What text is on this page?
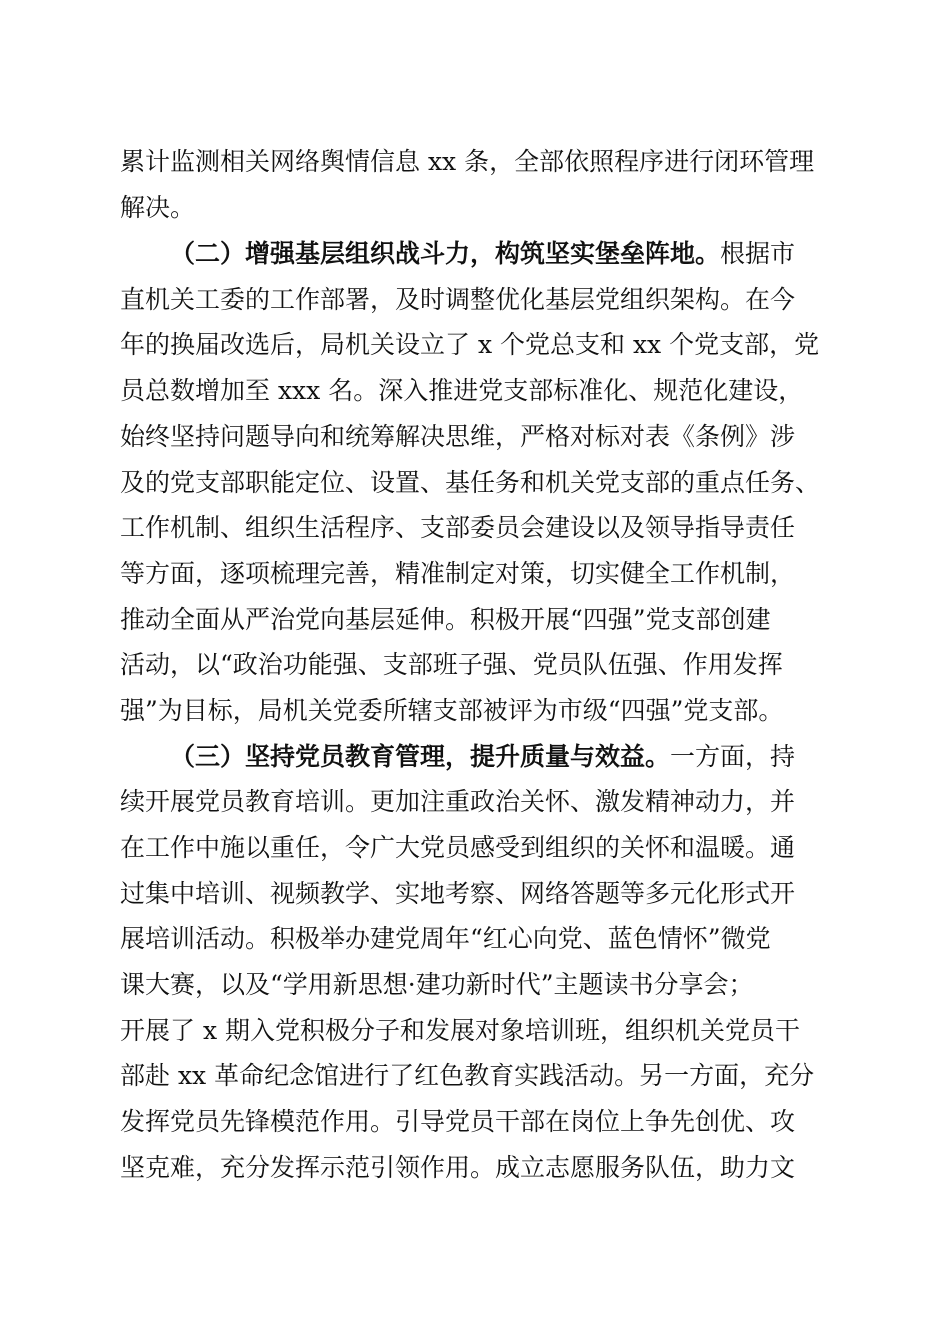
累计监测相关网络舆情信息 xx 条，全部依照程序进行闭环管理
解决。
（二）增强基层组织战斗力，构筑坚实堡垒阵地。根据市
直机关工委的工作部署，及时调整优化基层党组织架构。在今
年的换届改选后，局机关设立了 x 个党总支和 xx 个党支部，党
员总数增加至 xxx 名。深入推进党支部标准化、规范化建设，
始终坚持问题导向和统筹解决思维，严格对标对表《条例》涉
及的党支部职能定位、设置、基任务和机关党支部的重点任务、
工作机制、组织生活程序、支部委员会建设以及领导指导责任
等方面，逐项梳理完善，精准制定对策，切实健全工作机制，
推动全面从严治党向基层延伸。积极开展“四强”党支部创建
活动，以“政治功能强、支部班子强、党员队伍强、作用发挥
强”为目标，局机关党委所辖支部被评为市级“四强”党支部。
（三）坚持党员教育管理，提升质量与效益。一方面，持
续开展党员教育培训。更加注重政治关怀、激发精神动力，并
在工作中施以重任，令广大党员感受到组织的关怀和温暖。通
过集中培训、视频教学、实地考察、网络答题等多元化形式开
展培训活动。积极举办建党周年“红心向党、蓝色情怀”微党
课大赛，以及“学用新思想·建功新时代”主题读书分享会；
开展了 x 期入党积极分子和发展对象培训班，组织机关党员干
部赴 xx 革命纪念馆进行了红色教育实践活动。另一方面，充分
发挥党员先锋模范作用。引导党员干部在岗位上争先创优、攻
坚克难，充分发挥示范引领作用。成立志愿服务队伍，助力文
